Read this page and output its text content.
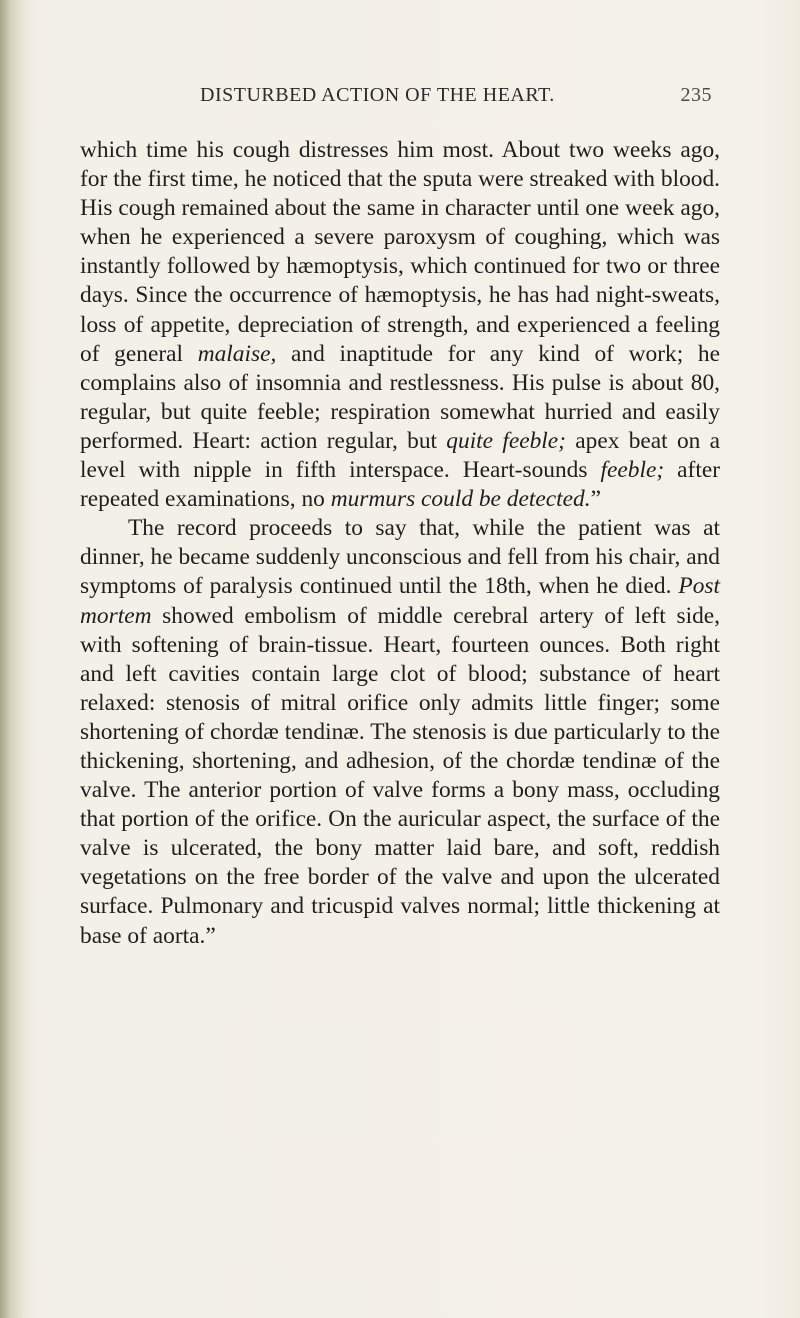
DISTURBED ACTION OF THE HEART.	235

which time his cough distresses him most. About two weeks ago, for the first time, he noticed that the sputa were streaked with blood. His cough remained about the same in character until one week ago, when he experienced a severe paroxysm of coughing, which was instantly followed by hæmoptysis, which continued for two or three days. Since the occurrence of hæmoptysis, he has had night-sweats, loss of appetite, depreciation of strength, and experienced a feeling of general malaise, and inaptitude for any kind of work; he complains also of insomnia and restlessness. His pulse is about 80, regular, but quite feeble; respiration somewhat hurried and easily performed. Heart: action regular, but quite feeble; apex beat on a level with nipple in fifth interspace. Heart-sounds feeble; after repeated examinations, no murmurs could be detected.”

The record proceeds to say that, while the patient was at dinner, he became suddenly unconscious and fell from his chair, and symptoms of paralysis continued until the 18th, when he died. Post mortem showed embolism of middle cerebral artery of left side, with softening of brain-tissue. Heart, fourteen ounces. Both right and left cavities contain large clot of blood; substance of heart relaxed: stenosis of mitral orifice only admits little finger; some shortening of chordæ tendinæ. The stenosis is due particularly to the thickening, shortening, and adhesion, of the chordæ tendinæ of the valve. The anterior portion of valve forms a bony mass, occluding that portion of the orifice. On the auricular aspect, the surface of the valve is ulcerated, the bony matter laid bare, and soft, reddish vegetations on the free border of the valve and upon the ulcerated surface. Pulmonary and tricuspid valves normal; little thickening at base of aorta.”
